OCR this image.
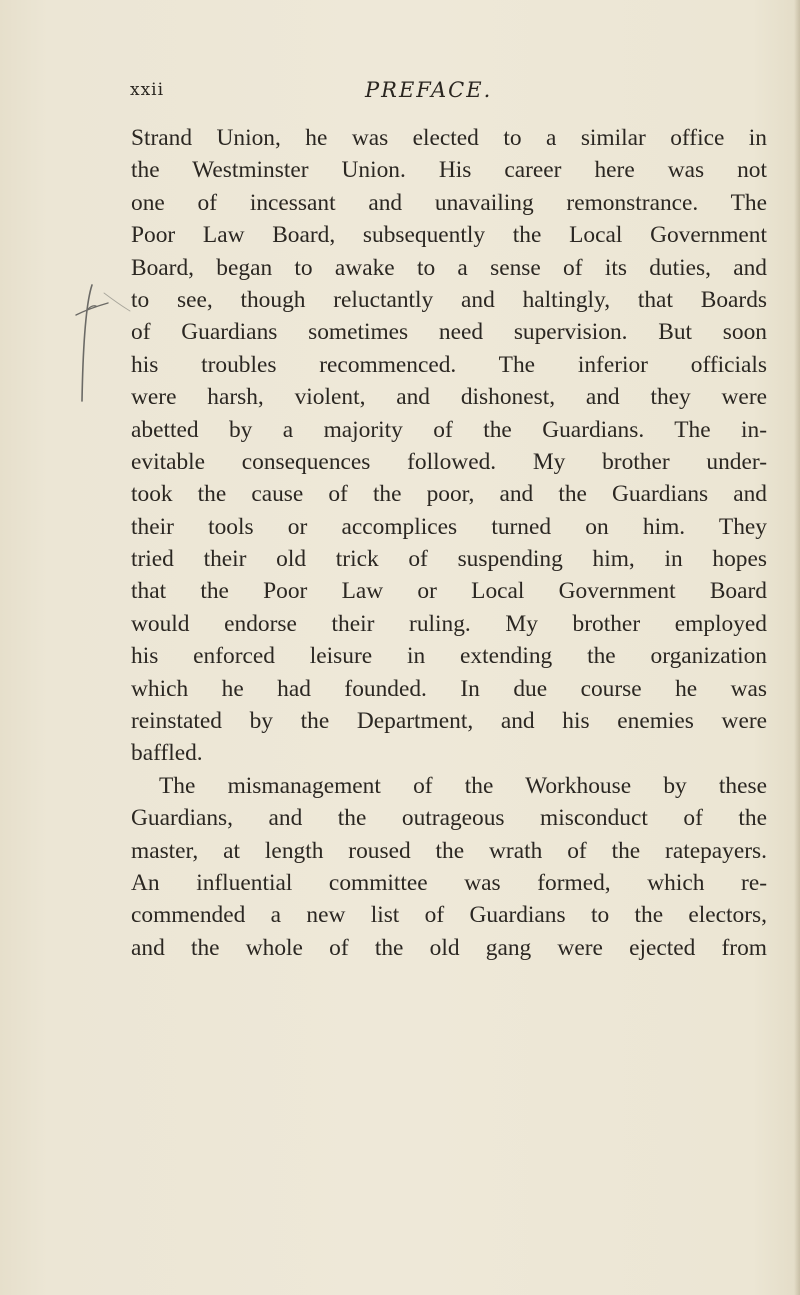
xxii	PREFACE.
Strand Union, he was elected to a similar office in
the Westminster Union. His career here was not
one of incessant and unavailing remonstrance. The
Poor Law Board, subsequently the Local Government
Board, began to awake to a sense of its duties, and
to see, though reluctantly and haltingly, that Boards
of Guardians sometimes need supervision. But soon
his troubles recommenced. The inferior officials
were harsh, violent, and dishonest, and they were
abetted by a majority of the Guardians. The in-
evitable consequences followed. My brother under-
took the cause of the poor, and the Guardians and
their tools or accomplices turned on him. They
tried their old trick of suspending him, in hopes
that the Poor Law or Local Government Board
would endorse their ruling. My brother employed
his enforced leisure in extending the organization
which he had founded. In due course he was
reinstated by the Department, and his enemies were
baffled.
The mismanagement of the Workhouse by these
Guardians, and the outrageous misconduct of the
master, at length roused the wrath of the ratepayers.
An influential committee was formed, which re-
commended a new list of Guardians to the electors,
and the whole of the old gang were ejected from
